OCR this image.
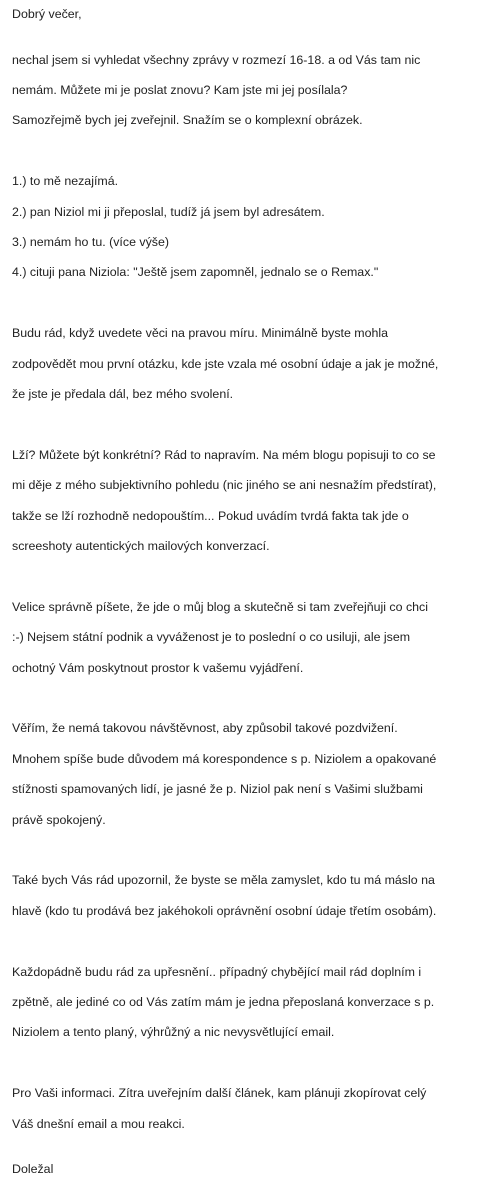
Dobrý večer,

nechal jsem si vyhledat všechny zprávy v rozmezí 16-18. a od Vás tam nic

nemám. Můžete mi je poslat znovu? Kam jste mi jej posílala?

Samozřejmě bych jej zveřejnil. Snažím se o komplexní obrázek.

1.) to mě nezajímá.

2.) pan Niziol mi ji přeposlal, tudíž já jsem byl adresátem.

3.) nemám ho tu. (více výše)

4.) cituji pana Niziola: "Ještě jsem zapomněl, jednalo se o Remax."

Budu rád, když uvedete věci na pravou míru. Minimálně byste mohla

zodpovědět mou první otázku, kde jste vzala mé osobní údaje a jak je možné,

že jste je předala dál, bez mého svolení.

Lží? Můžete být konkrétní? Rád to napravím. Na mém blogu popisuji to co se

mi děje z mého subjektivního pohledu (nic jiného se ani nesnažím předstírat),

takže se lží rozhodně nedopouštím... Pokud uvádím tvrdá fakta tak jde o

screeshoty autentických mailových konverzací.

Velice správně píšete, že jde o můj blog a skutečně si tam zveřejňuji co chci

:-) Nejsem státní podnik a vyváženost je to poslední o co usiluji, ale jsem

ochotný Vám poskytnout prostor k vašemu vyjádření.

Věřím, že nemá takovou návštěvnost, aby způsobil takové pozdvižení.

Mnohem spíše bude důvodem má korespondence s p. Niziolem a opakované

stížnosti spamovaných lidí, je jasné že p. Niziol pak není s Vašimi službami

právě spokojený.

Také bych Vás rád upozornil, že byste se měla zamyslet, kdo tu má máslo na

hlavě (kdo tu prodává bez jakéhokoli oprávnění osobní údaje třetím osobám).

Každopádně budu rád za upřesnění.. případný chybějící mail rád doplním i

zpětně, ale jediné co od Vás zatím mám je jedna přeposlaná konverzace s p.

Niziolem a tento planý, výhrůžný a nic nevysvětlující email.

Pro Vaši informaci. Zítra uveřejním další článek, kam plánuji zkopírovat celý

Váš dnešní email a mou reakci.

Doležal
